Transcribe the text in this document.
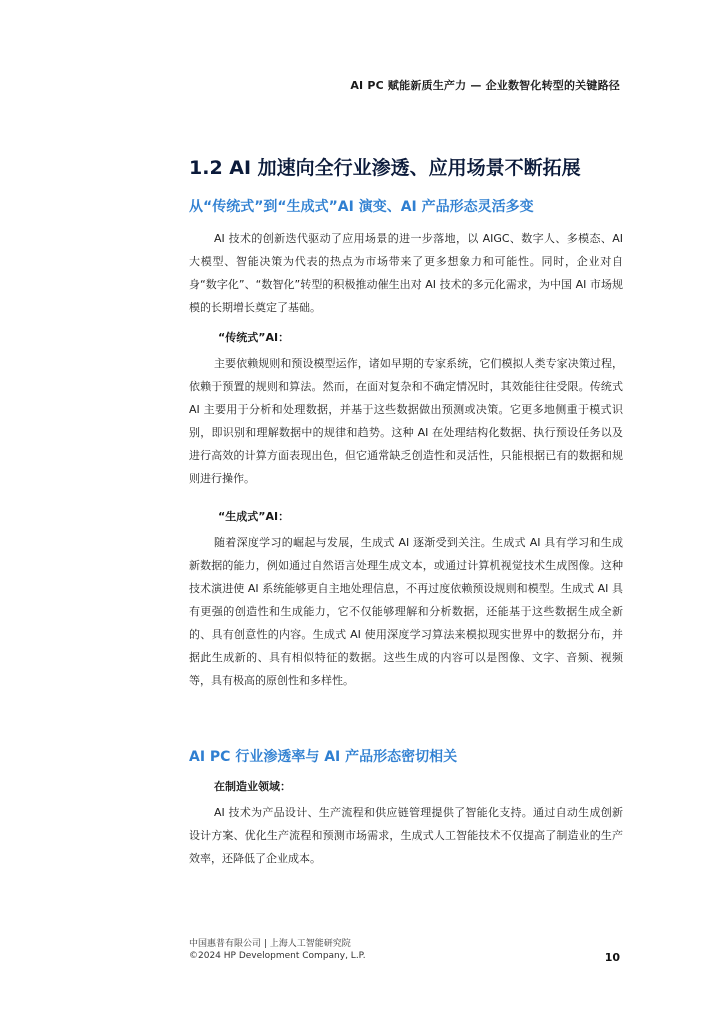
AI PC 赋能新质生产力 — 企业数智化转型的关键路径
1.2 AI 加速向全行业渗透、应用场景不断拓展
从“传统式”到“生成式”AI 演变、AI 产品形态灵活多变

AI 技术的创新迭代驱动了应用场景的进一步落地，以 AIGC、数字人、多模态、AI 大模型、智能决策为代表的热点为市场带来了更多想象力和可能性。同时，企业对自身“数字化”、“数智化”转型的积极推动催生出对 AI 技术的多元化需求，为中国 AI 市场规模的长期增长奠定了基础。

“传统式”AI：

主要依赖规则和预设模型运作，诸如早期的专家系统，它们模拟人类专家决策过程，依赖于预置的规则和算法。然而，在面对复杂和不确定情况时，其效能往往受限。传统式 AI 主要用于分析和处理数据，并基于这些数据做出预测或决策。它更多地侧重于模式识别，即识别和理解数据中的规律和趋势。这种 AI 在处理结构化数据、执行预设任务以及进行高效的计算方面表现出色，但它通常缺乏创造性和灵活性，只能根据已有的数据和规则进行操作。

“生成式”AI：

随着深度学习的崛起与发展，生成式 AI 逐渐受到关注。生成式 AI 具有学习和生成新数据的能力，例如通过自然语言处理生成文本，或通过计算机视觉技术生成图像。这种技术演进使 AI 系统能够更自主地处理信息，不再过度依赖预设规则和模型。生成式 AI 具有更强的创造性和生成能力，它不仅能够理解和分析数据，还能基于这些数据生成全新的、具有创意性的内容。生成式 AI 使用深度学习算法来模拟现实世界中的数据分布，并据此生成新的、具有相似特征的数据。这些生成的内容可以是图像、文字、音频、视频等，具有极高的原创性和多样性。

AI PC 行业渗透率与 AI 产品形态密切相关

在制造业领域：

AI 技术为产品设计、生产流程和供应链管理提供了智能化支持。通过自动生成创新设计方案、优化生产流程和预测市场需求，生成式人工智能技术不仅提高了制造业的生产效率，还降低了企业成本。

中国惠普有限公司 | 上海人工智能研究院
©2024 HP Development Company, L.P.	10
